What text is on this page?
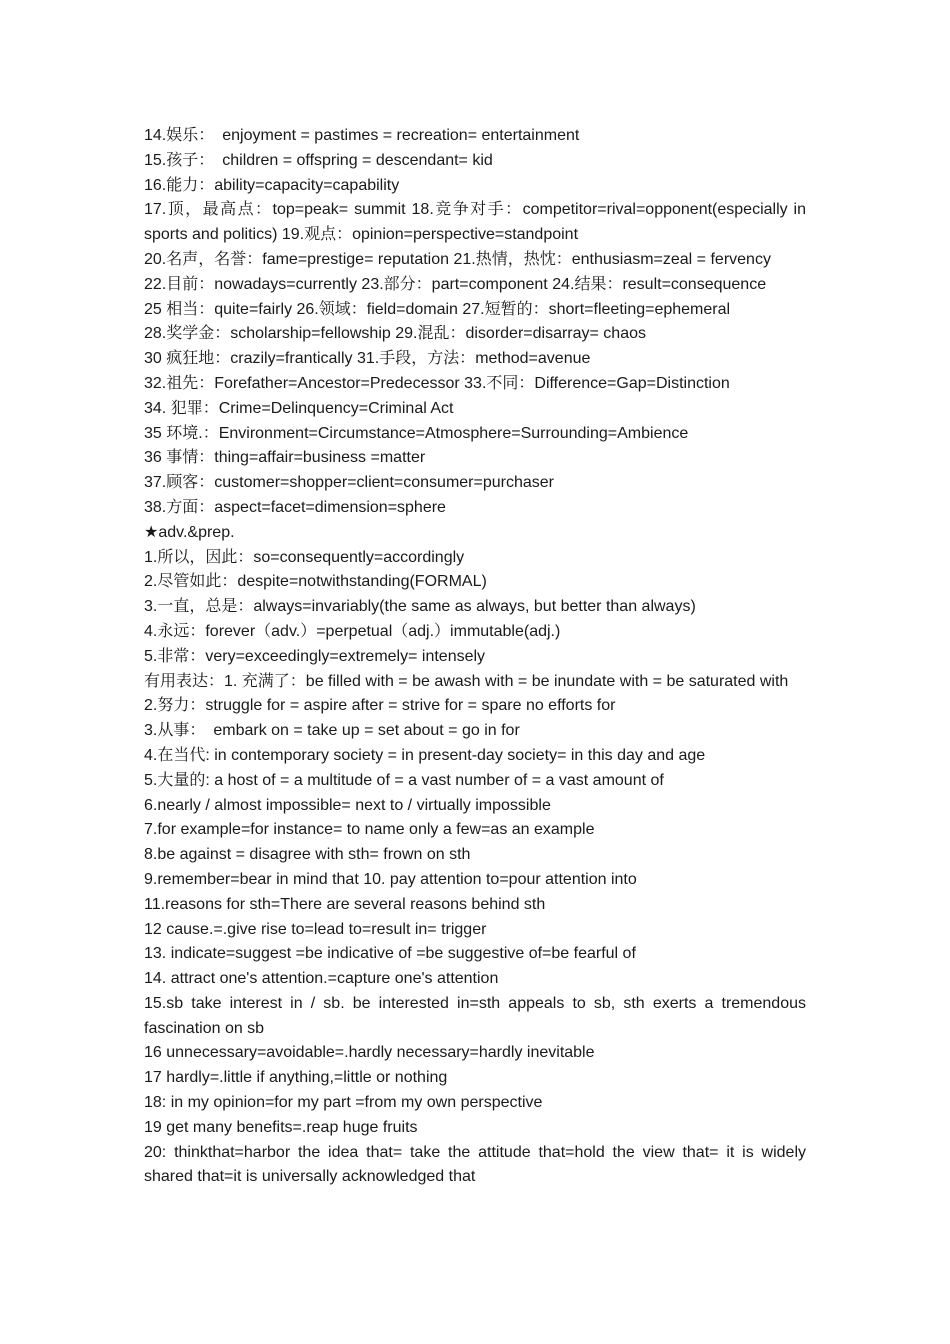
14.娱乐：　enjoyment = pastimes = recreation= entertainment

15.孩子：　children = offspring = descendant= kid

16.能力：ability=capacity=capability

17.顶，最高点：top=peak= summit 18.竞争对手：competitor=rival=opponent(especially in sports and politics) 19.观点：opinion=perspective=standpoint

20.名声，名誉：fame=prestige= reputation 21.热情，热忱：enthusiasm=zeal = fervency

22.目前：nowadays=currently 23.部分：part=component 24.结果：result=consequence

25 相当：quite=fairly 26.领域：field=domain 27.短暂的：short=fleeting=ephemeral

28.奖学金：scholarship=fellowship 29.混乱：disorder=disarray= chaos

30 疯狂地：crazily=frantically 31.手段，方法：method=avenue

32.祖先：Forefather=Ancestor=Predecessor 33.不同：Difference=Gap=Distinction

34. 犯罪：Crime=Delinquency=Criminal Act

35 环境.：Environment=Circumstance=Atmosphere=Surrounding=Ambience

36 事情：thing=affair=business =matter

37.顾客：customer=shopper=client=consumer=purchaser

38.方面：aspect=facet=dimension=sphere

★adv.&prep.

1.所以，因此：so=consequently=accordingly

2.尽管如此：despite=notwithstanding(FORMAL)

3.一直，总是：always=invariably(the same as always, but better than always)

4.永远：forever（adv.）=perpetual（adj.）immutable(adj.)

5.非常：very=exceedingly=extremely= intensely

有用表达：1. 充满了：be filled with = be awash with = be inundate with = be saturated with

2.努力：struggle for = aspire after = strive for = spare no efforts for

3.从事：　embark on = take up = set about = go in for

4.在当代: in contemporary society = in present-day society= in this day and age

5.大量的: a host of = a multitude of = a vast number of = a vast amount of

6.nearly / almost impossible= next to / virtually impossible

7.for example=for instance= to name only a few=as an example

8.be against = disagree with sth= frown on sth

9.remember=bear in mind that 10. pay attention to=pour attention into

11.reasons for sth=There are several reasons behind sth

12 cause.=.give rise to=lead to=result in= trigger

13. indicate=suggest =be indicative of =be suggestive of=be fearful of

14. attract one's attention.=capture one's attention

15.sb take interest in / sb. be interested in=sth appeals to sb, sth exerts a tremendous fascination on sb

16 unnecessary=avoidable=.hardly necessary=hardly inevitable

17 hardly=.little if anything,=little or nothing

18: in my opinion=for my part =from my own perspective

19 get many benefits=.reap huge fruits

20: thinkthat=harbor the idea that= take the attitude that=hold the view that= it is widely shared that=it is universally acknowledged that
